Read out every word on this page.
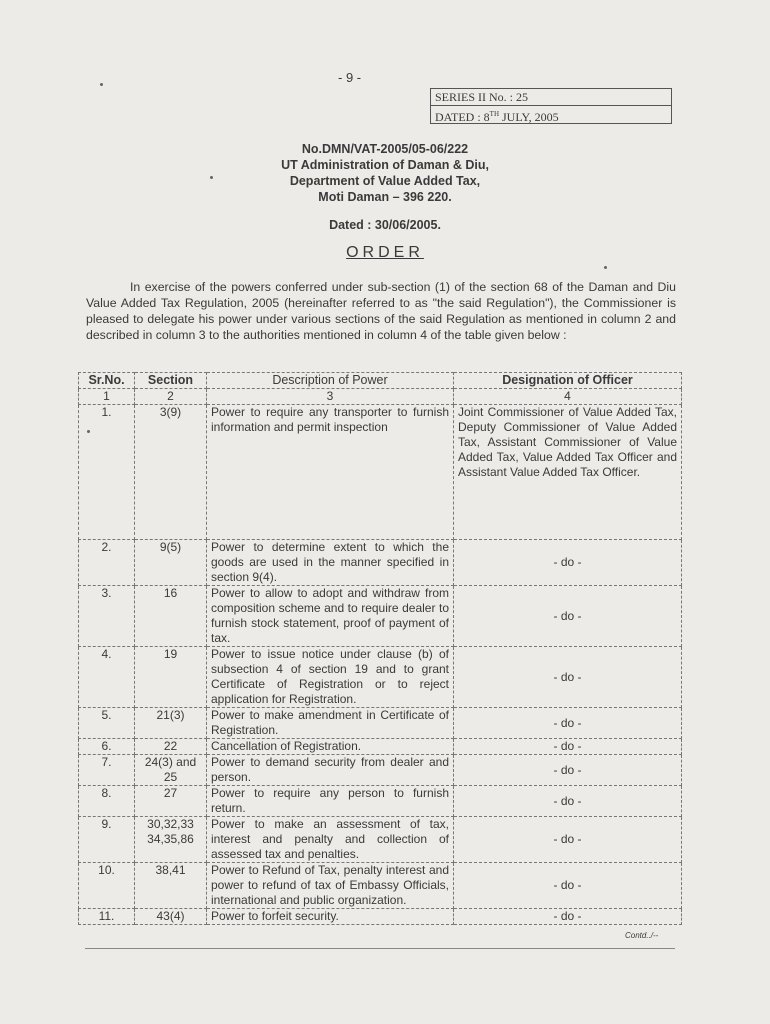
- 9 -
SERIES II No. : 25
DATED : 8TH JULY, 2005
No.DMN/VAT-2005/05-06/222
UT Administration of Daman & Diu,
Department of Value Added Tax,
Moti Daman – 396 220.
Dated : 30/06/2005.
ORDER
In exercise of the powers conferred under sub-section (1) of the section 68 of the Daman and Diu Value Added Tax Regulation, 2005 (hereinafter referred to as "the said Regulation"), the Commissioner is pleased to delegate his power under various sections of the said Regulation as mentioned in column 2 and described in column 3 to the authorities mentioned in column 4 of the table given below :
Sr.No.	Section	Description of Power	Designation of Officer
1	2	3	4
1.	3(9)	Power to require any transporter to furnish information and permit inspection	Joint Commissioner of Value Added Tax, Deputy Commissioner of Value Added Tax, Assistant Commissioner of Value Added Tax, Value Added Tax Officer and Assistant Value Added Tax Officer.
2.	9(5)	Power to determine extent to which the goods are used in the manner specified in section 9(4).	- do -
3.	16	Power to allow to adopt and withdraw from composition scheme and to require dealer to furnish stock statement, proof of payment of tax.	- do -
4.	19	Power to issue notice under clause (b) of subsection 4 of section 19 and to grant Certificate of Registration or to reject application for Registration.	- do -
5.	21(3)	Power to make amendment in Certificate of Registration.	- do -
6.	22	Cancellation of Registration.	- do -
7.	24(3) and 25	Power to demand security from dealer and person.	- do -
8.	27	Power to require any person to furnish return.	- do -
9.	30,32,33 34,35,86	Power to make an assessment of tax, interest and penalty and collection of assessed tax and penalties.	- do -
10.	38,41	Power to Refund of Tax, penalty interest and power to refund of tax of Embassy Officials, international and public organization.	- do -
11.	43(4)	Power to forfeit security.	- do -
Contd../--
